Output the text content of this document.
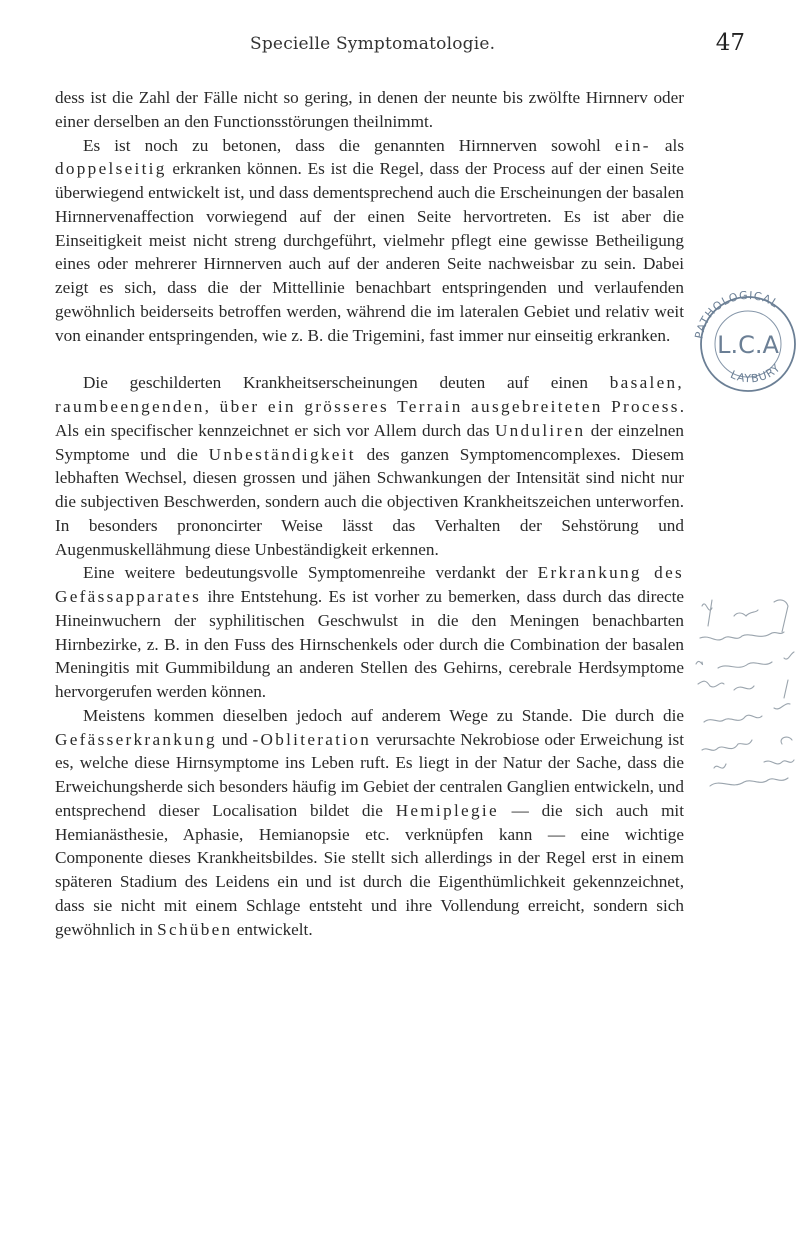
Specielle Symptomatologie.	47

dess ist die Zahl der Fälle nicht so gering, in denen der neunte bis zwölfte Hirnnerv oder einer derselben an den Functionsstörungen theilnimmt.

Es ist noch zu betonen, dass die genannten Hirnnerven sowohl ein- als doppelseitig erkranken können. Es ist die Regel, dass der Process auf der einen Seite überwiegend entwickelt ist, und dass dementsprechend auch die Erscheinungen der basalen Hirnnervenaffection vorwiegend auf der einen Seite hervortreten. Es ist aber die Einseitigkeit meist nicht streng durchgeführt, vielmehr pflegt eine gewisse Betheiligung eines oder mehrerer Hirnnerven auch auf der anderen Seite nachweisbar zu sein. Dabei zeigt es sich, dass die der Mittellinie benachbart entspringenden und verlaufenden gewöhnlich beiderseits betroffen werden, während die im lateralen Gebiet und relativ weit von einander entspringenden, wie z. B. die Trigemini, fast immer nur einseitig erkranken.

Die geschilderten Krankheitserscheinungen deuten auf einen basalen, raumbeengenden, über ein grösseres Terrain ausgebreiteten Process. Als ein specifischer kennzeichnet er sich vor Allem durch das Unduliren der einzelnen Symptome und die Unbeständigkeit des ganzen Symptomencomplexes. Diesem lebhaften Wechsel, diesen grossen und jähen Schwankungen der Intensität sind nicht nur die subjectiven Beschwerden, sondern auch die objectiven Krankheitszeichen unterworfen. In besonders prononcirter Weise lässt das Verhalten der Sehstörung und Augenmuskellähmung diese Unbeständigkeit erkennen.

Eine weitere bedeutungsvolle Symptomenreihe verdankt der Erkrankung des Gefässapparates ihre Entstehung. Es ist vorher zu bemerken, dass durch das directe Hineinwuchern der syphilitischen Geschwulst in die den Meningen benachbarten Hirnbezirke, z. B. in den Fuss des Hirnschenkels oder durch die Combination der basalen Meningitis mit Gummibildung an anderen Stellen des Gehirns, cerebrale Herdsymptome hervorgerufen werden können.

Meistens kommen dieselben jedoch auf anderem Wege zu Stande. Die durch die Gefässerkrankung und -Obliteration verursachte Nekrobiose oder Erweichung ist es, welche diese Hirnsymptome ins Leben ruft. Es liegt in der Natur der Sache, dass die Erweichungsherde sich besonders häufig im Gebiet der centralen Ganglien entwickeln, und entsprechend dieser Localisation bildet die Hemiplegie — die sich auch mit Hemianästhesie, Aphasie, Hemianopsie etc. verknüpfen kann — eine wichtige Componente dieses Krankheitsbildes. Sie stellt sich allerdings in der Regel erst in einem späteren Stadium des Leidens ein und ist durch die Eigenthümlichkeit gekennzeichnet, dass sie nicht mit einem Schlage entsteht und ihre Vollendung erreicht, sondern sich gewöhnlich in Schüben entwickelt.

PATHOLOGICAL
LAYBURY
L.C.A
